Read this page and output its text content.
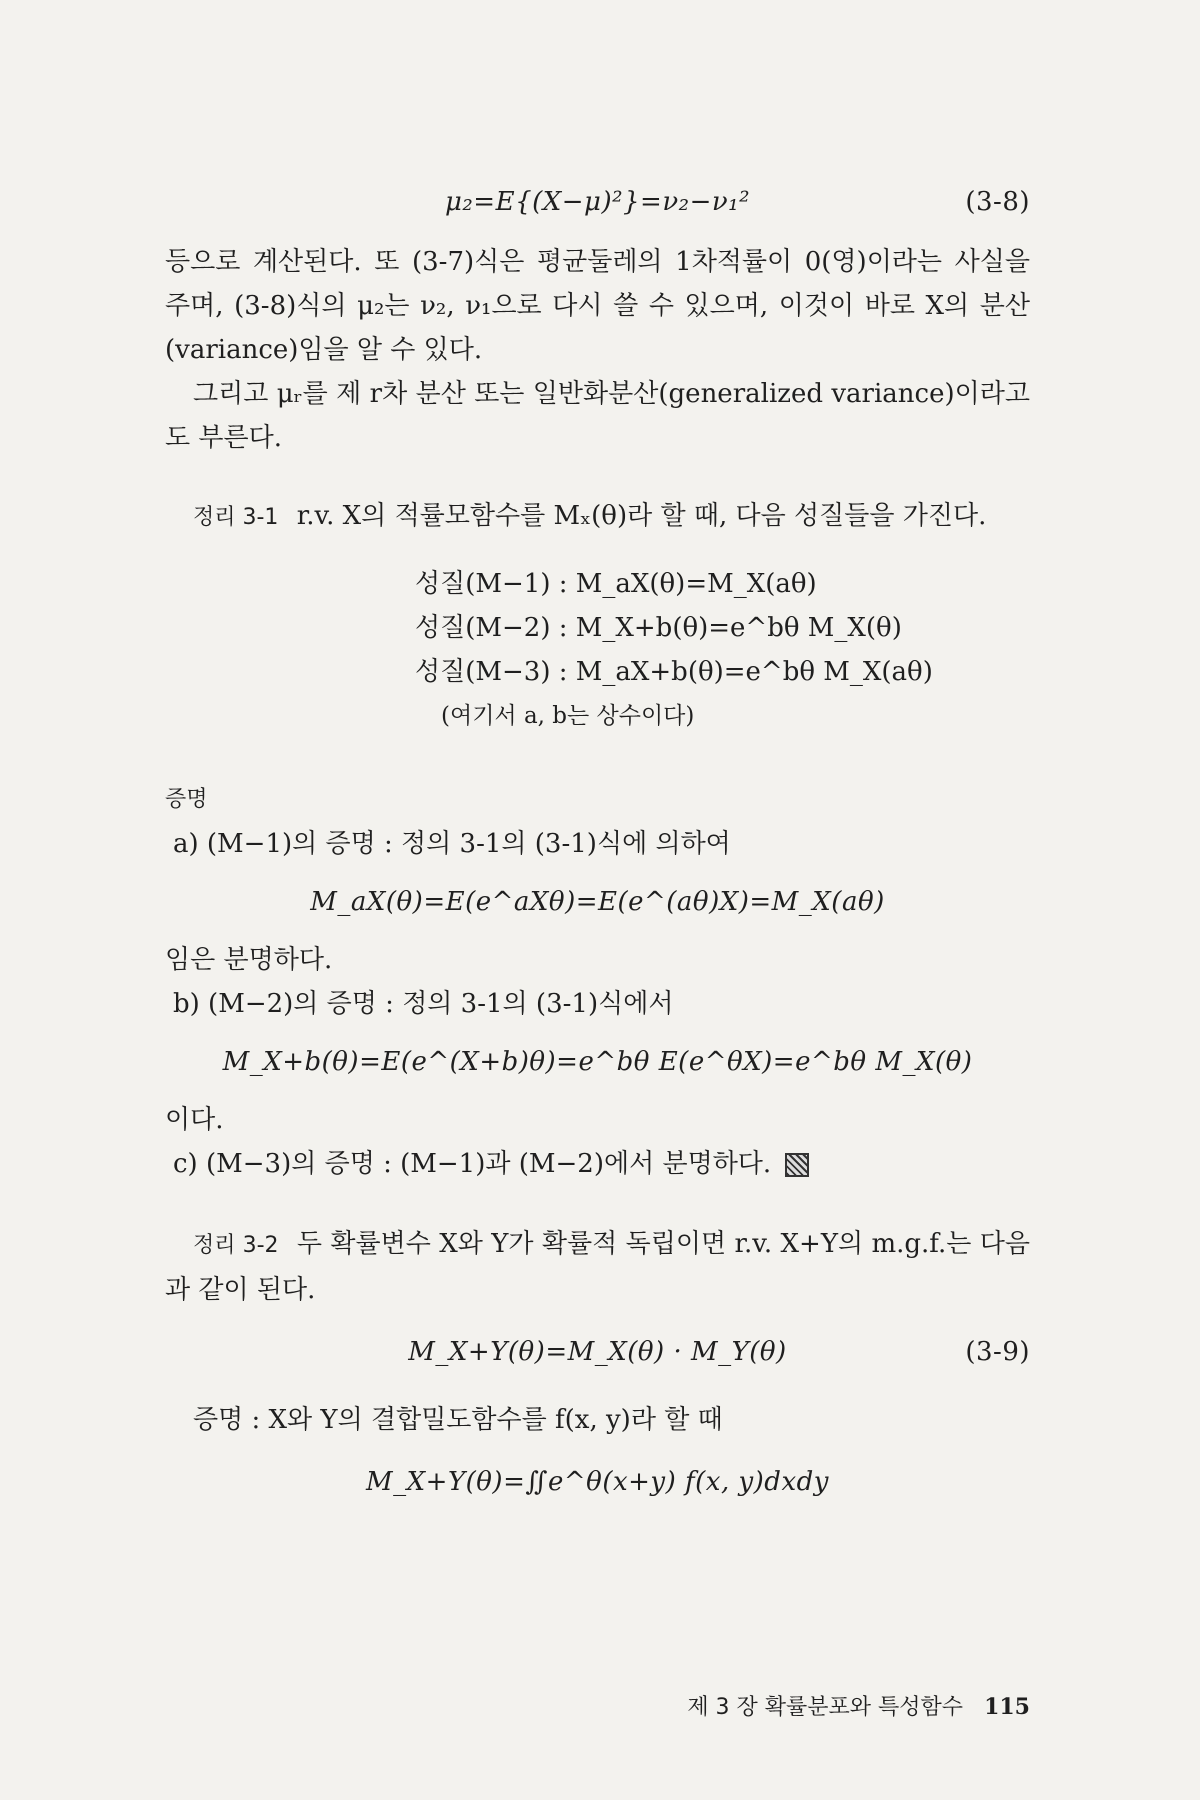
μ₂=E{(X−μ)²}=ν₂−ν₁²	(3-8)

등으로 계산된다. 또 (3-7)식은 평균둘레의 1차적률이 0(영)이라는 사실을 주며, (3-8)식의 μ₂는 ν₂, ν₁으로 다시 쓸 수 있으며, 이것이 바로 X의 분산(variance)임을 알 수 있다.

그리고 μᵣ를 제 r차 분산 또는 일반화분산(generalized variance)이라고 도 부른다.

정리 3-1 r.v. X의 적률모함수를 Mₓ(θ)라 할 때, 다음 성질들을 가진다.

성질(M−1) : M_aX(θ)=M_X(aθ)
성질(M−2) : M_X+b(θ)=e^bθ M_X(θ)
성질(M−3) : M_aX+b(θ)=e^bθ M_X(aθ)
(여기서 a, b는 상수이다)
증명
a) (M−1)의 증명 : 정의 3-1의 (3-1)식에 의하여
M_aX(θ)=E(e^aXθ)=E(e^(aθ)X)=M_X(aθ)
임은 분명하다.
b) (M−2)의 증명 : 정의 3-1의 (3-1)식에서
M_X+b(θ)=E(e^(X+b)θ)=e^bθ E(e^θX)=e^bθ M_X(θ)
이다.
c) (M−3)의 증명 : (M−1)과 (M−2)에서 분명하다.

정리 3-2 두 확률변수 X와 Y가 확률적 독립이면 r.v. X+Y의 m.g.f.는 다음과 같이 된다.

M_X+Y(θ)=M_X(θ) · M_Y(θ)	(3-9)
증명 : X와 Y의 결합밀도함수를 f(x, y)라 할 때
M_X+Y(θ)=∬e^θ(x+y) f(x, y)dxdy
제 3 장 확률분포와 특성함수 115
